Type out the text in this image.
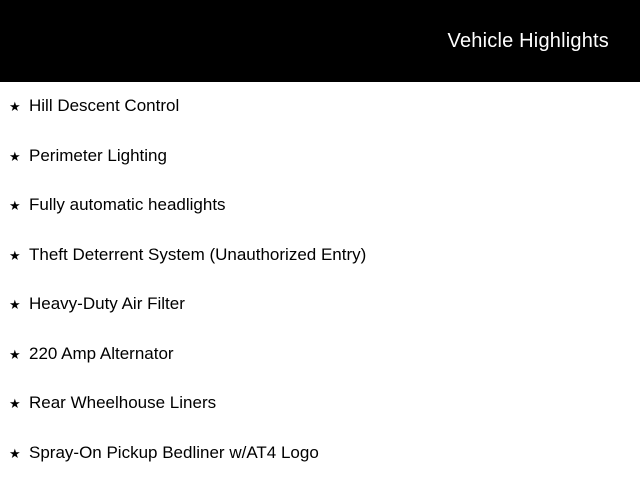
Vehicle Highlights
★ Hill Descent Control
★ Perimeter Lighting
★ Fully automatic headlights
★ Theft Deterrent System (Unauthorized Entry)
★ Heavy-Duty Air Filter
★ 220 Amp Alternator
★ Rear Wheelhouse Liners
★ Spray-On Pickup Bedliner w/AT4 Logo
